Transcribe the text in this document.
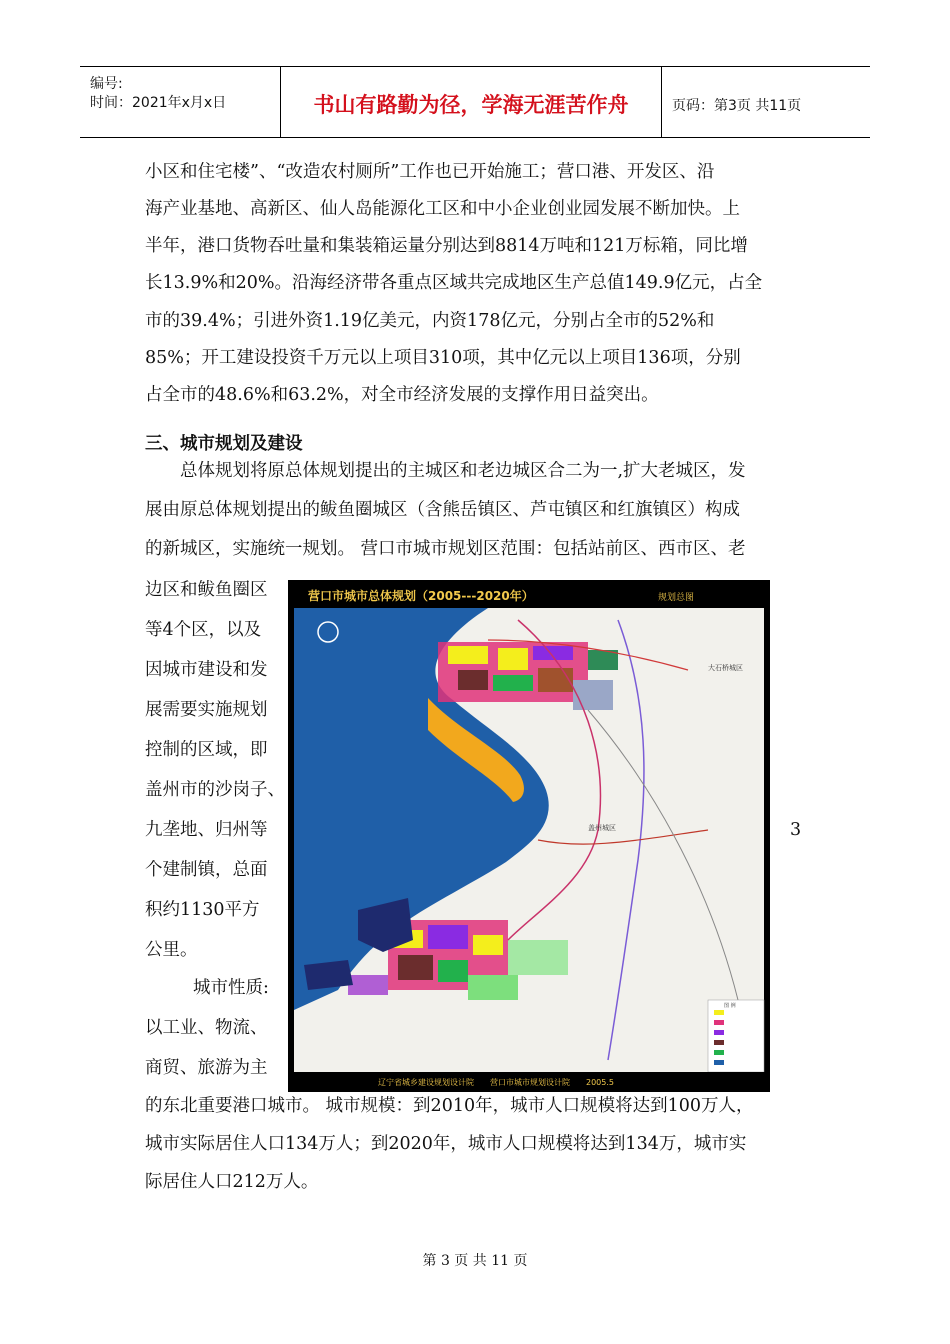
编号:
时间：2021年x月x日	书山有路勤为径，学海无涯苦作舟	页码：第3页 共11页
小区和住宅楼”、“改造农村厕所”工作也已开始施工；营口港、开发区、沿
海产业基地、高新区、仙人岛能源化工区和中小企业创业园发展不断加快。上
半年，港口货物吞吐量和集装箱运量分别达到8814万吨和121万标箱，同比增
长13.9%和20%。沿海经济带各重点区域共完成地区生产总值149.9亿元，占全
市的39.4%；引进外资1.19亿美元，内资178亿元，分别占全市的52%和
85%；开工建设投资千万元以上项目310项，其中亿元以上项目136项，分别
占全市的48.6%和63.2%，对全市经济发展的支撑作用日益突出。
三、城市规划及建设
总体规划将原总体规划提出的主城区和老边城区合二为一,扩大老城区，发
展由原总体规划提出的鲅鱼圈城区（含熊岳镇区、芦屯镇区和红旗镇区）构成
的新城区，实施统一规划。 营口市城市规划区范围：包括站前区、西市区、老
边区和鲅鱼圈区
等4个区，以及
因城市建设和发
展需要实施规划
控制的区域，即
盖州市的沙岗子、
九垄地、归州等
个建制镇，总面
积约1130平方
公里。
城市性质:
以工业、物流、
商贸、旅游为主
3
营口市城市总体规划（2005---2020年）	规划总图
大石桥城区
盖州城区
图 例
辽宁省城乡建设规划设计院　　营口市城市规划设计院　　2005.5
的东北重要港口城市。 城市规模：到2010年，城市人口规模将达到100万人，
城市实际居住人口134万人；到2020年，城市人口规模将达到134万，城市实
际居住人口212万人。
第 3 页 共 11 页
